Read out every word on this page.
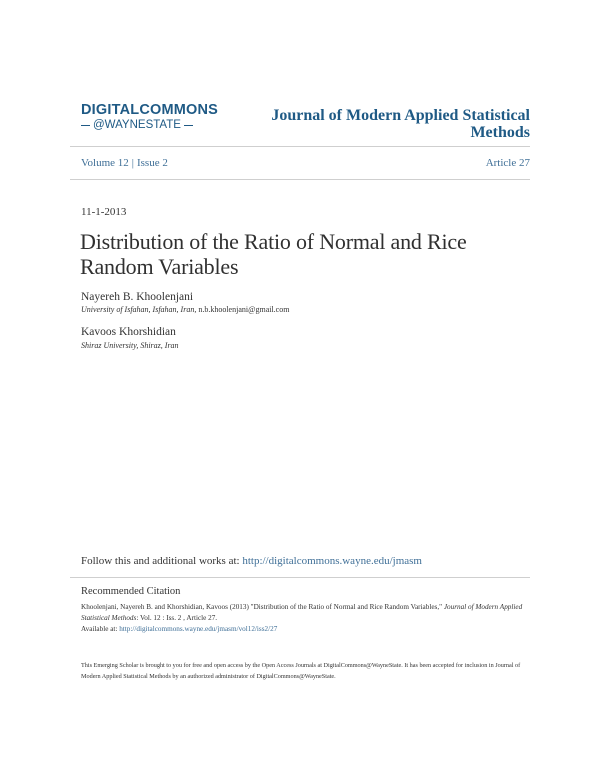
DIGITALCOMMONS
@WAYNESTATE
Journal of Modern Applied Statistical Methods
Volume 12 | Issue 2	Article 27
11-1-2013
Distribution of the Ratio of Normal and Rice Random Variables
Nayereh B. Khoolenjani
University of Isfahan, Isfahan, Iran, n.b.khoolenjani@gmail.com
Kavoos Khorshidian
Shiraz University, Shiraz, Iran
Follow this and additional works at: http://digitalcommons.wayne.edu/jmasm
Recommended Citation
Khoolenjani, Nayereh B. and Khorshidian, Kavoos (2013) "Distribution of the Ratio of Normal and Rice Random Variables," Journal of Modern Applied Statistical Methods: Vol. 12 : Iss. 2 , Article 27.
Available at: http://digitalcommons.wayne.edu/jmasm/vol12/iss2/27
This Emerging Scholar is brought to you for free and open access by the Open Access Journals at DigitalCommons@WayneState. It has been accepted for inclusion in Journal of Modern Applied Statistical Methods by an authorized administrator of DigitalCommons@WayneState.
